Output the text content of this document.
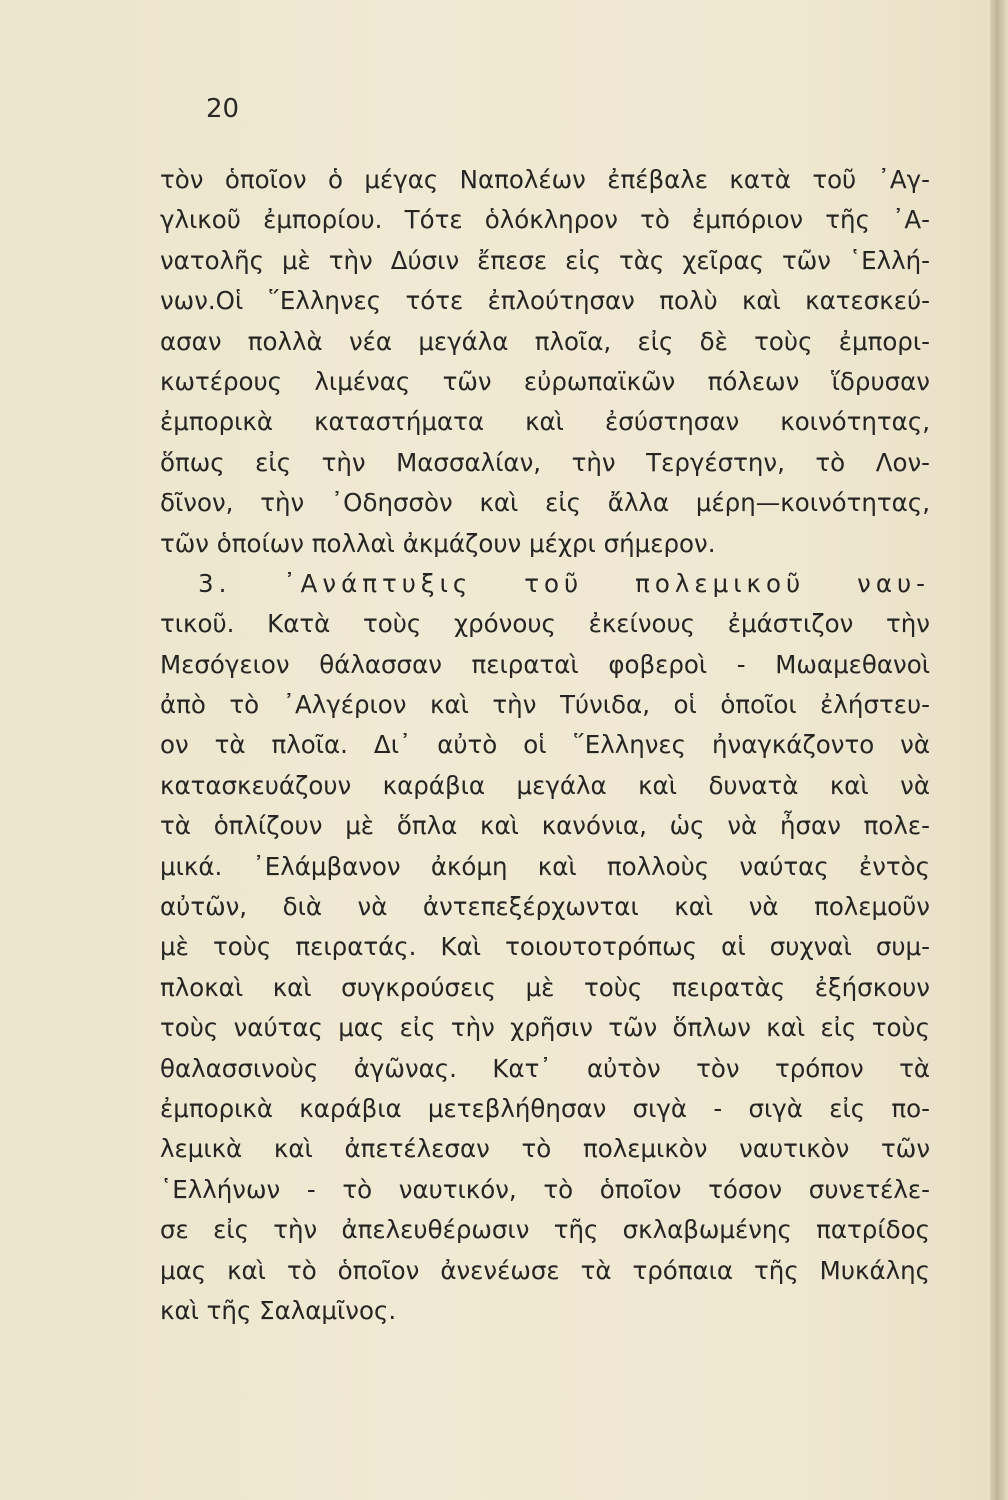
20
τὸν ὁποῖον ὁ μέγας Ναπολέων ἐπέβαλε κατὰ τοῦ ᾿Αγ-
γλικοῦ ἐμπορίου. Τότε ὁλόκληρον τὸ ἐμπόριον τῆς ᾿Α-
νατολῆς μὲ τὴν Δύσιν ἔπεσε εἰς τὰς χεῖρας τῶν ῾Ελλή-
νων.Οἱ ῞Ελληνες τότε ἐπλούτησαν πολὺ καὶ κατεσκεύ-
ασαν πολλὰ νέα μεγάλα πλοῖα, εἰς δὲ τοὺς ἐμπορι-
κωτέρους λιμένας τῶν εὐρωπαϊκῶν πόλεων ἵδρυσαν
ἐμπορικὰ καταστήματα καὶ ἐσύστησαν κοινότητας,
ὅπως εἰς τὴν Μασσαλίαν, τὴν Τεργέστην, τὸ Λον-
δῖνον, τὴν ᾿Οδησσὸν καὶ εἰς ἄλλα μέρη—κοινότητας,
τῶν ὁποίων πολλαὶ ἀκμάζουν μέχρι σήμερον.
3. ᾿Ανάπτυξις τοῦ πολεμικοῦ ναυ-
τικοῦ. Κατὰ τοὺς χρόνους ἐκείνους ἐμάστιζον τὴν
Μεσόγειον θάλασσαν πειραταὶ φοβεροὶ - Μωαμεθανοὶ
ἀπὸ τὸ ᾿Αλγέριον καὶ τὴν Τύνιδα, οἱ ὁποῖοι ἐλήστευ-
ον τὰ πλοῖα. Δι᾿ αὐτὸ οἱ ῞Ελληνες ἠναγκάζοντο νὰ
κατασκευάζουν καράβια μεγάλα καὶ δυνατὰ καὶ νὰ
τὰ ὁπλίζουν μὲ ὅπλα καὶ κανόνια, ὡς νὰ ἦσαν πολε-
μικά. ᾿Ελάμβανον ἀκόμη καὶ πολλοὺς ναύτας ἐντὸς
αὐτῶν, διὰ νὰ ἀντεπεξέρχωνται καὶ νὰ πολεμοῦν
μὲ τοὺς πειρατάς. Καὶ τοιουτοτρόπως αἱ συχναὶ συμ-
πλοκαὶ καὶ συγκρούσεις μὲ τοὺς πειρατὰς ἐξήσκουν
τοὺς ναύτας μας εἰς τὴν χρῆσιν τῶν ὅπλων καὶ εἰς τοὺς
θαλασσινοὺς ἀγῶνας. Κατ᾿ αὐτὸν τὸν τρόπον τὰ
ἐμπορικὰ καράβια μετεβλήθησαν σιγὰ - σιγὰ εἰς πο-
λεμικὰ καὶ ἀπετέλεσαν τὸ πολεμικὸν ναυτικὸν τῶν
῾Ελλήνων - τὸ ναυτικόν, τὸ ὁποῖον τόσον συνετέλε-
σε εἰς τὴν ἀπελευθέρωσιν τῆς σκλαβωμένης πατρίδος
μας καὶ τὸ ὁποῖον ἀνενέωσε τὰ τρόπαια τῆς Μυκάλης
καὶ τῆς Σαλαμῖνος.
